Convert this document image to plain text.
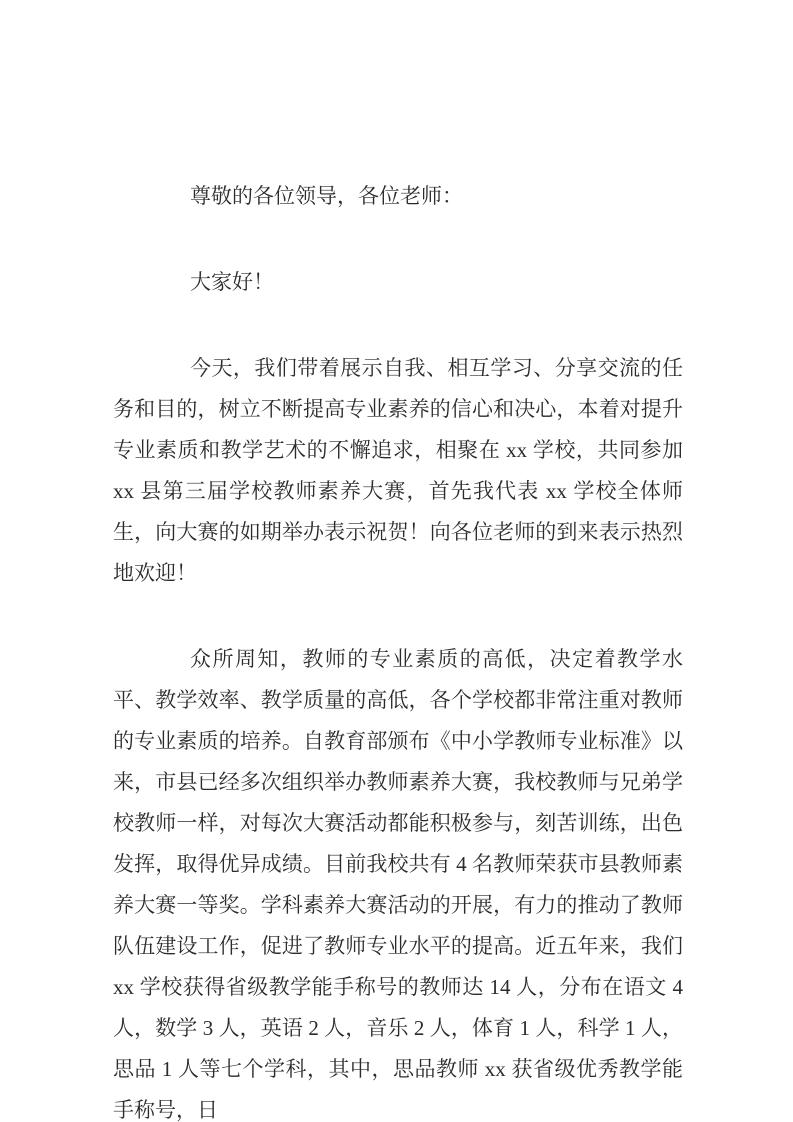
尊敬的各位领导，各位老师：

大家好！

今天，我们带着展示自我、相互学习、分享交流的任务和目的，树立不断提高专业素养的信心和决心，本着对提升专业素质和教学艺术的不懈追求，相聚在 xx 学校，共同参加 xx 县第三届学校教师素养大赛，首先我代表 xx 学校全体师生，向大赛的如期举办表示祝贺！向各位老师的到来表示热烈地欢迎！

众所周知，教师的专业素质的高低，决定着教学水平、教学效率、教学质量的高低，各个学校都非常注重对教师的专业素质的培养。自教育部颁布《中小学教师专业标准》以来，市县已经多次组织举办教师素养大赛，我校教师与兄弟学校教师一样，对每次大赛活动都能积极参与，刻苦训练，出色发挥，取得优异成绩。目前我校共有 4 名教师荣获市县教师素养大赛一等奖。学科素养大赛活动的开展，有力的推动了教师队伍建设工作，促进了教师专业水平的提高。近五年来，我们 xx 学校获得省级教学能手称号的教师达 14 人，分布在语文 4 人，数学 3 人，英语 2 人，音乐 2 人，体育 1 人，科学 1 人，思品 1 人等七个学科，其中，思品教师 xx 获省级优秀教学能手称号，日
